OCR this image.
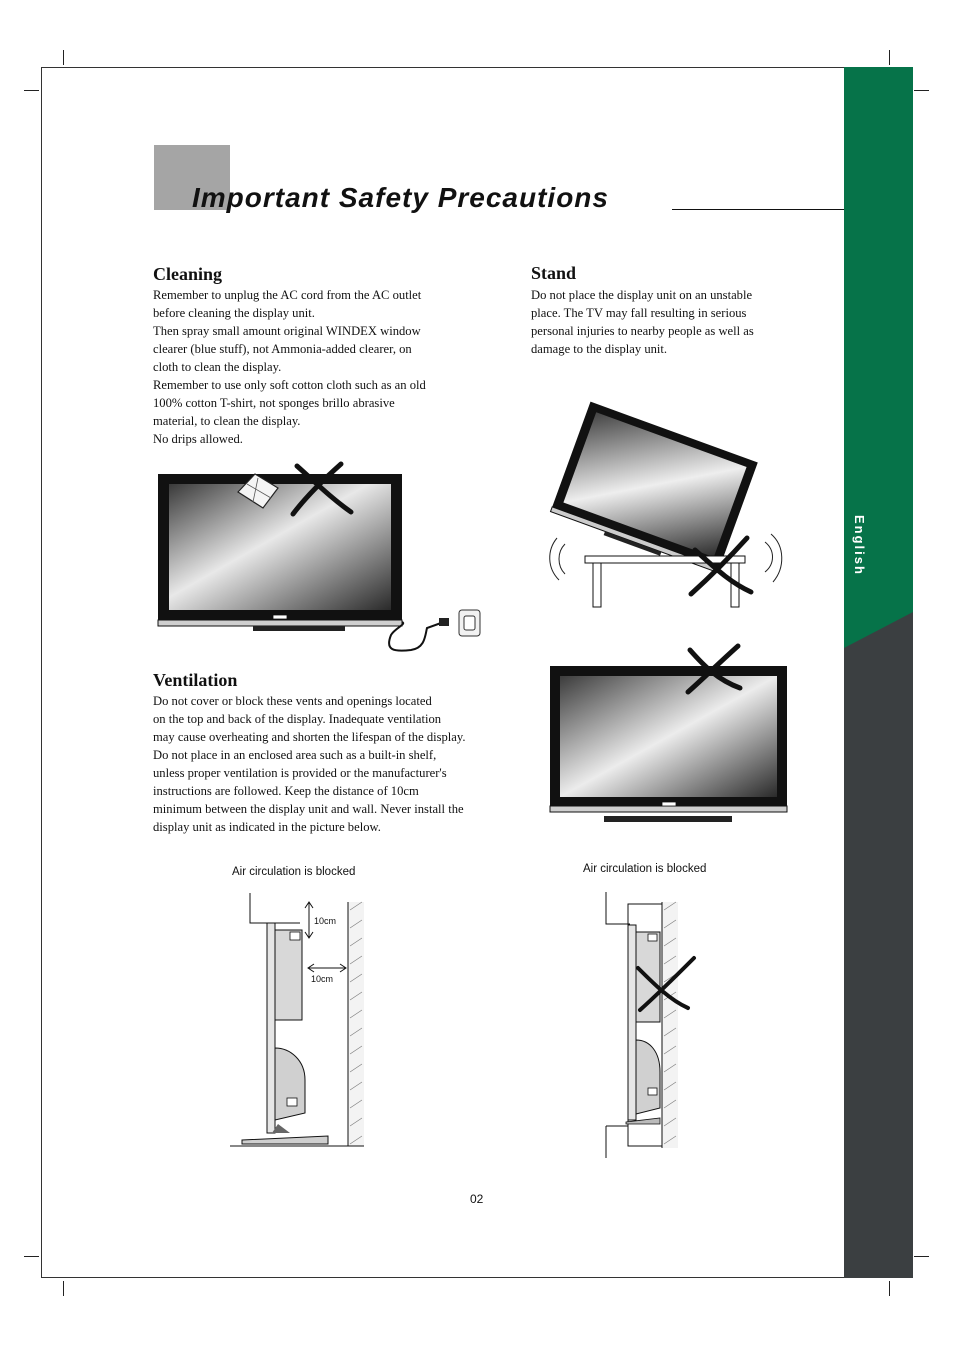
English
Important Safety Precautions
Cleaning
Remember to unplug the AC cord from the AC outlet
before cleaning the display unit.
Then spray small amount original WINDEX window
clearer (blue stuff), not Ammonia-added clearer, on
cloth to clean the display.
Remember to use only soft cotton cloth such as an old
100% cotton T-shirt, not sponges brillo abrasive
material, to clean the display.
No drips allowed.
Stand
Do not place the display unit on an unstable
place. The TV may fall resulting in serious
personal injuries to nearby people as well as
damage to the display unit.
Ventilation
Do not cover or block these vents and openings located
on the top and back of the display. Inadequate ventilation
may cause overheating and shorten the lifespan of the display.
Do not place in an enclosed area such as a built-in shelf,
unless proper ventilation is provided or the manufacturer's
instructions are followed. Keep the distance of 10cm
minimum between the display unit and wall. Never install the
display unit as indicated in the picture below.
Air circulation is blocked	Air circulation is blocked
10cm
10cm
02
